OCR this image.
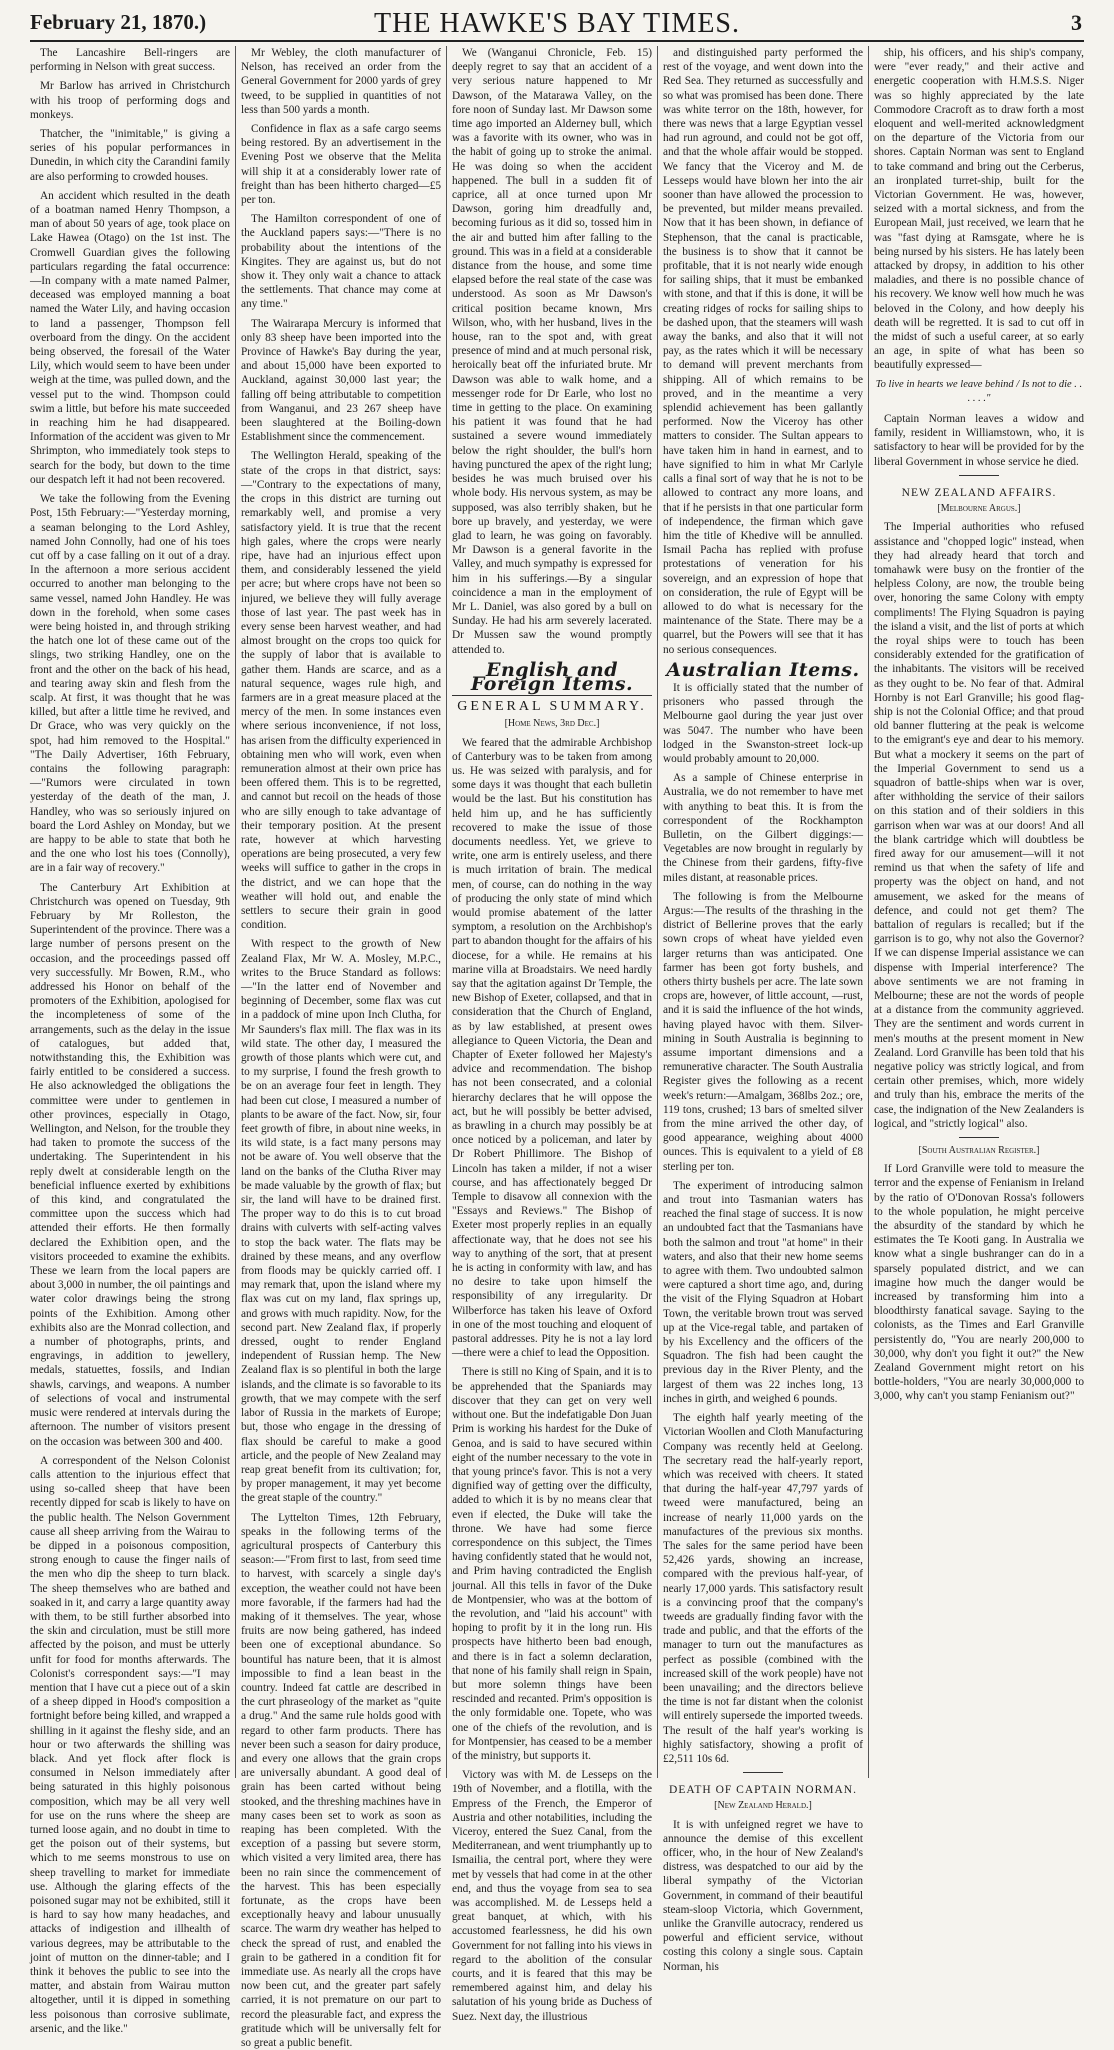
February 21, 1870.)	THE HAWKE'S BAY TIMES.	3

The Lancashire Bell-ringers are performing in Nelson with great success.

Mr Barlow has arrived in Christchurch with his troop of performing dogs and monkeys.

Thatcher, the "inimitable," is giving a series of his popular performances in Dunedin, in which city the Carandini family are also performing to crowded houses.

An accident which resulted in the death of a boatman named Henry Thompson, a man of about 50 years of age, took place on Lake Hawea (Otago) on the 1st inst. The Cromwell Guardian gives the following particulars regarding the fatal occurrence:—In company with a mate named Palmer, deceased was employed manning a boat named the Water Lily, and having occasion to land a passenger, Thompson fell overboard from the dingy. On the accident being observed, the foresail of the Water Lily, which would seem to have been under weigh at the time, was pulled down, and the vessel put to the wind. Thompson could swim a little, but before his mate succeeded in reaching him he had disappeared. Information of the accident was given to Mr Shrimpton, who immediately took steps to search for the body, but down to the time our despatch left it had not been recovered.

We take the following from the Evening Post, 15th February:—"Yesterday morning, a seaman belonging to the Lord Ashley, named John Connolly, had one of his toes cut off by a case falling on it out of a dray. In the afternoon a more serious accident occurred to another man belonging to the same vessel, named John Handley. He was down in the forehold, when some cases were being hoisted in, and through striking the hatch one lot of these came out of the slings, two striking Handley, one on the front and the other on the back of his head, and tearing away skin and flesh from the scalp. At first, it was thought that he was killed, but after a little time he revived, and Dr Grace, who was very quickly on the spot, had him removed to the Hospital." "The Daily Advertiser, 16th February, contains the following paragraph:—"Rumors were circulated in town yesterday of the death of the man, J. Handley, who was so seriously injured on board the Lord Ashley on Monday, but we are happy to be able to state that both he and the one who lost his toes (Connolly), are in a fair way of recovery."

The Canterbury Art Exhibition at Christchurch was opened on Tuesday, 9th February by Mr Rolleston, the Superintendent of the province. There was a large number of persons present on the occasion, and the proceedings passed off very successfully. Mr Bowen, R.M., who addressed his Honor on behalf of the promoters of the Exhibition, apologised for the incompleteness of some of the arrangements, such as the delay in the issue of catalogues, but added that, notwithstanding this, the Exhibition was fairly entitled to be considered a success. He also acknowledged the obligations the committee were under to gentlemen in other provinces, especially in Otago, Wellington, and Nelson, for the trouble they had taken to promote the success of the undertaking. The Superintendent in his reply dwelt at considerable length on the beneficial influence exerted by exhibitions of this kind, and congratulated the committee upon the success which had attended their efforts. He then formally declared the Exhibition open, and the visitors proceeded to examine the exhibits. These we learn from the local papers are about 3,000 in number, the oil paintings and water color drawings being the strong points of the Exhibition. Among other exhibits also are the Monrad collection, and a number of photographs, prints, and engravings, in addition to jewellery, medals, statuettes, fossils, and Indian shawls, carvings, and weapons. A number of selections of vocal and instrumental music were rendered at intervals during the afternoon. The number of visitors present on the occasion was between 300 and 400.

A correspondent of the Nelson Colonist calls attention to the injurious effect that using so-called sheep that have been recently dipped for scab is likely to have on the public health. The Nelson Government cause all sheep arriving from the Wairau to be dipped in a poisonous composition, strong enough to cause the finger nails of the men who dip the sheep to turn black. The sheep themselves who are bathed and soaked in it, and carry a large quantity away with them, to be still further absorbed into the skin and circulation, must be still more affected by the poison, and must be utterly unfit for food for months afterwards. The Colonist's correspondent says:—"I may mention that I have cut a piece out of a skin of a sheep dipped in Hood's composition a fortnight before being killed, and wrapped a shilling in it against the fleshy side, and an hour or two afterwards the shilling was black. And yet flock after flock is consumed in Nelson immediately after being saturated in this highly poisonous composition, which may be all very well for use on the runs where the sheep are turned loose again, and no doubt in time to get the poison out of their systems, but which to me seems monstrous to use on sheep travelling to market for immediate use. Although the glaring effects of the poisoned sugar may not be exhibited, still it is hard to say how many headaches, and attacks of indigestion and illhealth of various degrees, may be attributable to the joint of mutton on the dinner-table; and I think it behoves the public to see into the matter, and abstain from Wairau mutton altogether, until it is dipped in something less poisonous than corrosive sublimate, arsenic, and the like."

Mr Webley, the cloth manufacturer of Nelson, has received an order from the General Government for 2000 yards of grey tweed, to be supplied in quantities of not less than 500 yards a month.

Confidence in flax as a safe cargo seems being restored. By an advertisement in the Evening Post we observe that the Melita will ship it at a considerably lower rate of freight than has been hitherto charged—£5 per ton.

The Hamilton correspondent of one of the Auckland papers says:—"There is no probability about the intentions of the Kingites. They are against us, but do not show it. They only wait a chance to attack the settlements. That chance may come at any time."

The Wairarapa Mercury is informed that only 83 sheep have been imported into the Province of Hawke's Bay during the year, and about 15,000 have been exported to Auckland, against 30,000 last year; the falling off being attributable to competition from Wanganui, and 23 267 sheep have been slaughtered at the Boiling-down Establishment since the commencement.

The Wellington Herald, speaking of the state of the crops in that district, says:—"Contrary to the expectations of many, the crops in this district are turning out remarkably well, and promise a very satisfactory yield. It is true that the recent high gales, where the crops were nearly ripe, have had an injurious effect upon them, and considerably lessened the yield per acre; but where crops have not been so injured, we believe they will fully average those of last year. The past week has in every sense been harvest weather, and had almost brought on the crops too quick for the supply of labor that is available to gather them. Hands are scarce, and as a natural sequence, wages rule high, and farmers are in a great measure placed at the mercy of the men. In some instances even where serious inconvenience, if not loss, has arisen from the difficulty experienced in obtaining men who will work, even when remuneration almost at their own price has been offered them. This is to be regretted, and cannot but recoil on the heads of those who are silly enough to take advantage of their temporary position. At the present rate, however at which harvesting operations are being prosecuted, a very few weeks will suffice to gather in the crops in the district, and we can hope that the weather will hold out, and enable the settlers to secure their grain in good condition.

With respect to the growth of New Zealand Flax, Mr W. A. Mosley, M.P.C., writes to the Bruce Standard as follows:—"In the latter end of November and beginning of December, some flax was cut in a paddock of mine upon Inch Clutha, for Mr Saunders's flax mill. The flax was in its wild state. The other day, I measured the growth of those plants which were cut, and to my surprise, I found the fresh growth to be on an average four feet in length. They had been cut close, I measured a number of plants to be aware of the fact. Now, sir, four feet growth of fibre, in about nine weeks, in its wild state, is a fact many persons may not be aware of. You well observe that the land on the banks of the Clutha River may be made valuable by the growth of flax; but sir, the land will have to be drained first. The proper way to do this is to cut broad drains with culverts with self-acting valves to stop the back water. The flats may be drained by these means, and any overflow from floods may be quickly carried off. I may remark that, upon the island where my flax was cut on my land, flax springs up, and grows with much rapidity. Now, for the second part. New Zealand flax, if properly dressed, ought to render England independent of Russian hemp. The New Zealand flax is so plentiful in both the large islands, and the climate is so favorable to its growth, that we may compete with the serf labor of Russia in the markets of Europe; but, those who engage in the dressing of flax should be careful to make a good article, and the people of New Zealand may reap great benefit from its cultivation; for, by proper management, it may yet become the great staple of the country."

The Lyttelton Times, 12th February, speaks in the following terms of the agricultural prospects of Canterbury this season:—"From first to last, from seed time to harvest, with scarcely a single day's exception, the weather could not have been more favorable, if the farmers had had the making of it themselves. The year, whose fruits are now being gathered, has indeed been one of exceptional abundance. So bountiful has nature been, that it is almost impossible to find a lean beast in the country. Indeed fat cattle are described in the curt phraseology of the market as "quite a drug." And the same rule holds good with regard to other farm products. There has never been such a season for dairy produce, and every one allows that the grain crops are universally abundant. A good deal of grain has been carted without being stooked, and the threshing machines have in many cases been set to work as soon as reaping has been completed. With the exception of a passing but severe storm, which visited a very limited area, there has been no rain since the commencement of the harvest. This has been especially fortunate, as the crops have been exceptionally heavy and labour unusually scarce. The warm dry weather has helped to check the spread of rust, and enabled the grain to be gathered in a condition fit for immediate use. As nearly all the crops have now been cut, and the greater part safely carried, it is not premature on our part to record the pleasurable fact, and express the gratitude which will be universally felt for so great a public benefit.

We (Wanganui Chronicle, Feb. 15) deeply regret to say that an accident of a very serious nature happened to Mr Dawson, of the Matarawa Valley, on the fore noon of Sunday last. Mr Dawson some time ago imported an Alderney bull, which was a favorite with its owner, who was in the habit of going up to stroke the animal. He was doing so when the accident happened. The bull in a sudden fit of caprice, all at once turned upon Mr Dawson, goring him dreadfully and, becoming furious as it did so, tossed him in the air and butted him after falling to the ground. This was in a field at a considerable distance from the house, and some time elapsed before the real state of the case was understood. As soon as Mr Dawson's critical position became known, Mrs Wilson, who, with her husband, lives in the house, ran to the spot and, with great presence of mind and at much personal risk, heroically beat off the infuriated brute. Mr Dawson was able to walk home, and a messenger rode for Dr Earle, who lost no time in getting to the place. On examining his patient it was found that he had sustained a severe wound immediately below the right shoulder, the bull's horn having punctured the apex of the right lung; besides he was much bruised over his whole body. His nervous system, as may be supposed, was also terribly shaken, but he bore up bravely, and yesterday, we were glad to learn, he was going on favorably. Mr Dawson is a general favorite in the Valley, and much sympathy is expressed for him in his sufferings.—By a singular coincidence a man in the employment of Mr L. Daniel, was also gored by a bull on Sunday. He had his arm severely lacerated. Dr Mussen saw the wound promptly attended to.

English and Foreign Items.
GENERAL SUMMARY.
[Home News, 3rd Dec.]

We feared that the admirable Archbishop of Canterbury was to be taken from among us. He was seized with paralysis, and for some days it was thought that each bulletin would be the last. But his constitution has held him up, and he has sufficiently recovered to make the issue of those documents needless. Yet, we grieve to write, one arm is entirely useless, and there is much irritation of brain. The medical men, of course, can do nothing in the way of producing the only state of mind which would promise abatement of the latter symptom, a resolution on the Archbishop's part to abandon thought for the affairs of his diocese, for a while. He remains at his marine villa at Broadstairs. We need hardly say that the agitation against Dr Temple, the new Bishop of Exeter, collapsed, and that in consideration that the Church of England, as by law established, at present owes allegiance to Queen Victoria, the Dean and Chapter of Exeter followed her Majesty's advice and recommendation. The bishop has not been consecrated, and a colonial hierarchy declares that he will oppose the act, but he will possibly be better advised, as brawling in a church may possibly be at once noticed by a policeman, and later by Dr Robert Phillimore. The Bishop of Lincoln has taken a milder, if not a wiser course, and has affectionately begged Dr Temple to disavow all connexion with the "Essays and Reviews." The Bishop of Exeter most properly replies in an equally affectionate way, that he does not see his way to anything of the sort, that at present he is acting in conformity with law, and has no desire to take upon himself the responsibility of any irregularity. Dr Wilberforce has taken his leave of Oxford in one of the most touching and eloquent of pastoral addresses. Pity he is not a lay lord—there were a chief to lead the Opposition.

There is still no King of Spain, and it is to be apprehended that the Spaniards may discover that they can get on very well without one. But the indefatigable Don Juan Prim is working his hardest for the Duke of Genoa, and is said to have secured within eight of the number necessary to the vote in that young prince's favor. This is not a very dignified way of getting over the difficulty, added to which it is by no means clear that even if elected, the Duke will take the throne. We have had some fierce correspondence on this subject, the Times having confidently stated that he would not, and Prim having contradicted the English journal. All this tells in favor of the Duke de Montpensier, who was at the bottom of the revolution, and "laid his account" with hoping to profit by it in the long run. His prospects have hitherto been bad enough, and there is in fact a solemn declaration, that none of his family shall reign in Spain, but more solemn things have been rescinded and recanted. Prim's opposition is the only formidable one. Topete, who was one of the chiefs of the revolution, and is for Montpensier, has ceased to be a member of the ministry, but supports it.

Victory was with M. de Lesseps on the 19th of November, and a flotilla, with the Empress of the French, the Emperor of Austria and other notabilities, including the Viceroy, entered the Suez Canal, from the Mediterranean, and went triumphantly up to Ismailia, the central port, where they were met by vessels that had come in at the other end, and thus the voyage from sea to sea was accomplished. M. de Lesseps held a great banquet, at which, with his accustomed fearlessness, he did his own Government for not falling into his views in regard to the abolition of the consular courts, and it is feared that this may be remembered against him, and delay his salutation of his young bride as Duchess of Suez. Next day, the illustrious

and distinguished party performed the rest of the voyage, and went down into the Red Sea. They returned as successfully and so what was promised has been done. There was white terror on the 18th, however, for there was news that a large Egyptian vessel had run aground, and could not be got off, and that the whole affair would be stopped. We fancy that the Viceroy and M. de Lesseps would have blown her into the air sooner than have allowed the procession to be prevented, but milder means prevailed. Now that it has been shown, in defiance of Stephenson, that the canal is practicable, the business is to show that it cannot be profitable, that it is not nearly wide enough for sailing ships, that it must be embanked with stone, and that if this is done, it will be creating ridges of rocks for sailing ships to be dashed upon, that the steamers will wash away the banks, and also that it will not pay, as the rates which it will be necessary to demand will prevent merchants from shipping. All of which remains to be proved, and in the meantime a very splendid achievement has been gallantly performed. Now the Viceroy has other matters to consider. The Sultan appears to have taken him in hand in earnest, and to have signified to him in what Mr Carlyle calls a final sort of way that he is not to be allowed to contract any more loans, and that if he persists in that one particular form of independence, the firman which gave him the title of Khedive will be annulled. Ismail Pacha has replied with profuse protestations of veneration for his sovereign, and an expression of hope that on consideration, the rule of Egypt will be allowed to do what is necessary for the maintenance of the State. There may be a quarrel, but the Powers will see that it has no serious consequences.

Australian Items.

It is officially stated that the number of prisoners who passed through the Melbourne gaol during the year just over was 5047. The number who have been lodged in the Swanston-street lock-up would probably amount to 20,000.

As a sample of Chinese enterprise in Australia, we do not remember to have met with anything to beat this. It is from the correspondent of the Rockhampton Bulletin, on the Gilbert diggings:—Vegetables are now brought in regularly by the Chinese from their gardens, fifty-five miles distant, at reasonable prices.

The following is from the Melbourne Argus:—The results of the thrashing in the district of Bellerine proves that the early sown crops of wheat have yielded even larger returns than was anticipated. One farmer has been got forty bushels, and others thirty bushels per acre. The late sown crops are, however, of little account, —rust, and it is said the influence of the hot winds, having played havoc with them. Silver-mining in South Australia is beginning to assume important dimensions and a remunerative character. The South Australia Register gives the following as a recent week's return:—Amalgam, 368lbs 2oz.; ore, 119 tons, crushed; 13 bars of smelted silver from the mine arrived the other day, of good appearance, weighing about 4000 ounces. This is equivalent to a yield of £8 sterling per ton.

The experiment of introducing salmon and trout into Tasmanian waters has reached the final stage of success. It is now an undoubted fact that the Tasmanians have both the salmon and trout "at home" in their waters, and also that their new home seems to agree with them. Two undoubted salmon were captured a short time ago, and, during the visit of the Flying Squadron at Hobart Town, the veritable brown trout was served up at the Vice-regal table, and partaken of by his Excellency and the officers of the Squadron. The fish had been caught the previous day in the River Plenty, and the largest of them was 22 inches long, 13 inches in girth, and weighed 6 pounds.

The eighth half yearly meeting of the Victorian Woollen and Cloth Manufacturing Company was recently held at Geelong. The secretary read the half-yearly report, which was received with cheers. It stated that during the half-year 47,797 yards of tweed were manufactured, being an increase of nearly 11,000 yards on the manufactures of the previous six months. The sales for the same period have been 52,426 yards, showing an increase, compared with the previous half-year, of nearly 17,000 yards. This satisfactory result is a convincing proof that the company's tweeds are gradually finding favor with the trade and public, and that the efforts of the manager to turn out the manufactures as perfect as possible (combined with the increased skill of the work people) have not been unavailing; and the directors believe the time is not far distant when the colonist will entirely supersede the imported tweeds. The result of the half year's working is highly satisfactory, showing a profit of £2,511 10s 6d.

DEATH OF CAPTAIN NORMAN.
[New Zealand Herald.]

It is with unfeigned regret we have to announce the demise of this excellent officer, who, in the hour of New Zealand's distress, was despatched to our aid by the liberal sympathy of the Victorian Government, in command of their beautiful steam-sloop Victoria, which Government, unlike the Granville autocracy, rendered us powerful and efficient service, without costing this colony a single sous. Captain Norman, his

ship, his officers, and his ship's company, were "ever ready," and their active and energetic cooperation with H.M.S.S. Niger was so highly appreciated by the late Commodore Cracroft as to draw forth a most eloquent and well-merited acknowledgment on the departure of the Victoria from our shores. Captain Norman was sent to England to take command and bring out the Cerberus, an ironplated turret-ship, built for the Victorian Government. He was, however, seized with a mortal sickness, and from the European Mail, just received, we learn that he was "fast dying at Ramsgate, where he is being nursed by his sisters. He has lately been attacked by dropsy, in addition to his other maladies, and there is no possible chance of his recovery. We know well how much he was beloved in the Colony, and how deeply his death will be regretted. It is sad to cut off in the midst of such a useful career, at so early an age, in spite of what has been so beautifully expressed—

To live in hearts we leave behind / Is not to die . . . . . ."

Captain Norman leaves a widow and family, resident in Williamstown, who, it is satisfactory to hear will be provided for by the liberal Government in whose service he died.

NEW ZEALAND AFFAIRS.
[Melbourne Argus.]

The Imperial authorities who refused assistance and "chopped logic" instead, when they had already heard that torch and tomahawk were busy on the frontier of the helpless Colony, are now, the trouble being over, honoring the same Colony with empty compliments! The Flying Squadron is paying the island a visit, and the list of ports at which the royal ships were to touch has been considerably extended for the gratification of the inhabitants. The visitors will be received as they ought to be. No fear of that. Admiral Hornby is not Earl Granville; his good flag-ship is not the Colonial Office; and that proud old banner fluttering at the peak is welcome to the emigrant's eye and dear to his memory. But what a mockery it seems on the part of the Imperial Government to send us a squadron of battle-ships when war is over, after withholding the service of their sailors on this station and of their soldiers in this garrison when war was at our doors! And all the blank cartridge which will doubtless be fired away for our amusement—will it not remind us that when the safety of life and property was the object on hand, and not amusement, we asked for the means of defence, and could not get them? The battalion of regulars is recalled; but if the garrison is to go, why not also the Governor? If we can dispense Imperial assistance we can dispense with Imperial interference? The above sentiments we are not framing in Melbourne; these are not the words of people at a distance from the community aggrieved. They are the sentiment and words current in men's mouths at the present moment in New Zealand. Lord Granville has been told that his negative policy was strictly logical, and from certain other premises, which, more widely and truly than his, embrace the merits of the case, the indignation of the New Zealanders is logical, and "strictly logical" also.

[South Australian Register.]

If Lord Granville were told to measure the terror and the expense of Fenianism in Ireland by the ratio of O'Donovan Rossa's followers to the whole population, he might perceive the absurdity of the standard by which he estimates the Te Kooti gang. In Australia we know what a single bushranger can do in a sparsely populated district, and we can imagine how much the danger would be increased by transforming him into a bloodthirsty fanatical savage. Saying to the colonists, as the Times and Earl Granville persistently do, "You are nearly 200,000 to 30,000, why don't you fight it out?" the New Zealand Government might retort on his bottle-holders, "You are nearly 30,000,000 to 3,000, why can't you stamp Fenianism out?"
